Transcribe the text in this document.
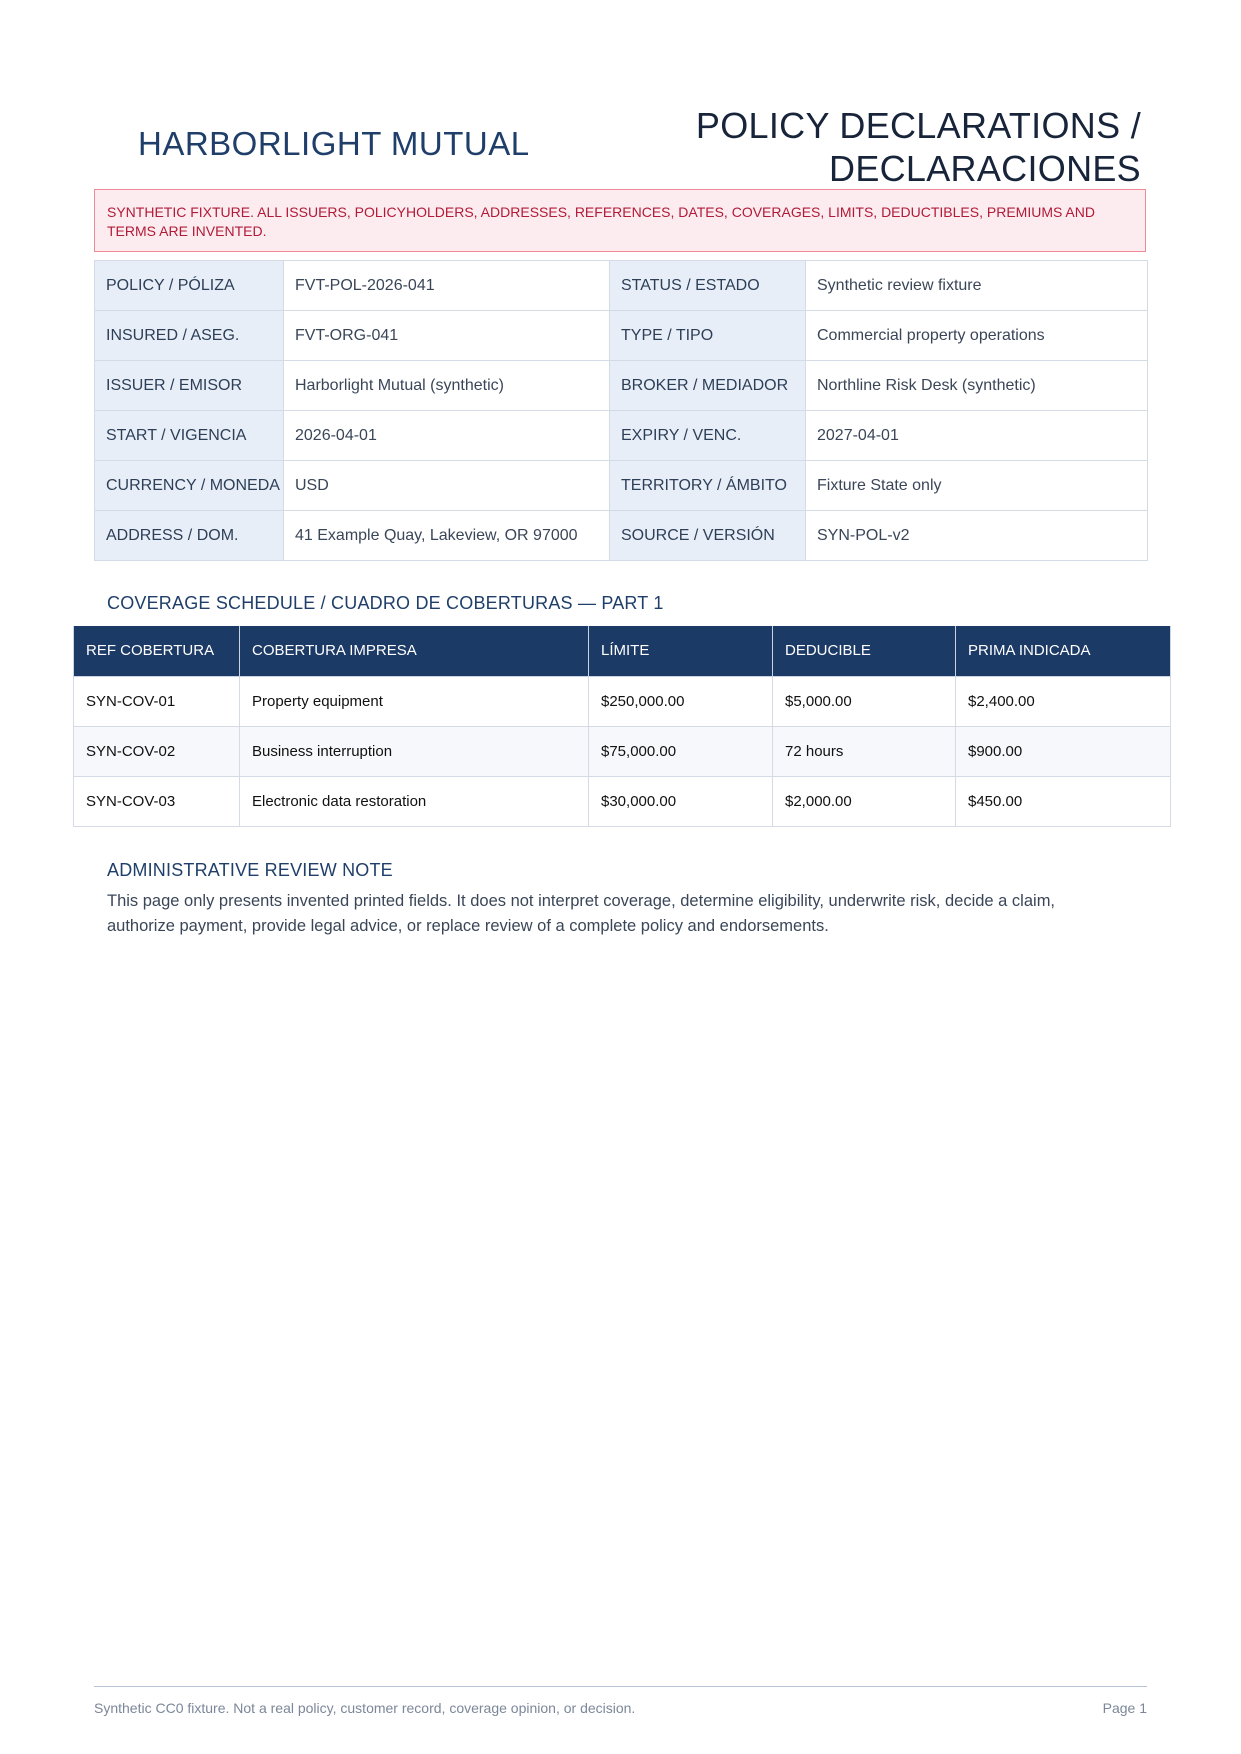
HARBORLIGHT MUTUAL	POLICY DECLARATIONS /
DECLARACIONES
SYNTHETIC FIXTURE. ALL ISSUERS, POLICYHOLDERS, ADDRESSES, REFERENCES, DATES, COVERAGES, LIMITS, DEDUCTIBLES, PREMIUMS AND TERMS ARE INVENTED.
POLICY / PÓLIZA	FVT-POL-2026-041	STATUS / ESTADO	Synthetic review fixture
INSURED / ASEG.	FVT-ORG-041	TYPE / TIPO	Commercial property operations
ISSUER / EMISOR	Harborlight Mutual (synthetic)	BROKER / MEDIADOR	Northline Risk Desk (synthetic)
START / VIGENCIA	2026-04-01	EXPIRY / VENC.	2027-04-01
CURRENCY / MONEDA	USD	TERRITORY / ÁMBITO	Fixture State only
ADDRESS / DOM.	41 Example Quay, Lakeview, OR 97000	SOURCE / VERSIÓN	SYN-POL-v2
COVERAGE SCHEDULE / CUADRO DE COBERTURAS — PART 1
REF COBERTURA	COBERTURA IMPRESA	LÍMITE	DEDUCIBLE	PRIMA INDICADA
SYN-COV-01	Property equipment	$250,000.00	$5,000.00	$2,400.00
SYN-COV-02	Business interruption	$75,000.00	72 hours	$900.00
SYN-COV-03	Electronic data restoration	$30,000.00	$2,000.00	$450.00
ADMINISTRATIVE REVIEW NOTE
This page only presents invented printed fields. It does not interpret coverage, determine eligibility, underwrite risk, decide a claim, authorize payment, provide legal advice, or replace review of a complete policy and endorsements.
Synthetic CC0 fixture. Not a real policy, customer record, coverage opinion, or decision.	Page 1
